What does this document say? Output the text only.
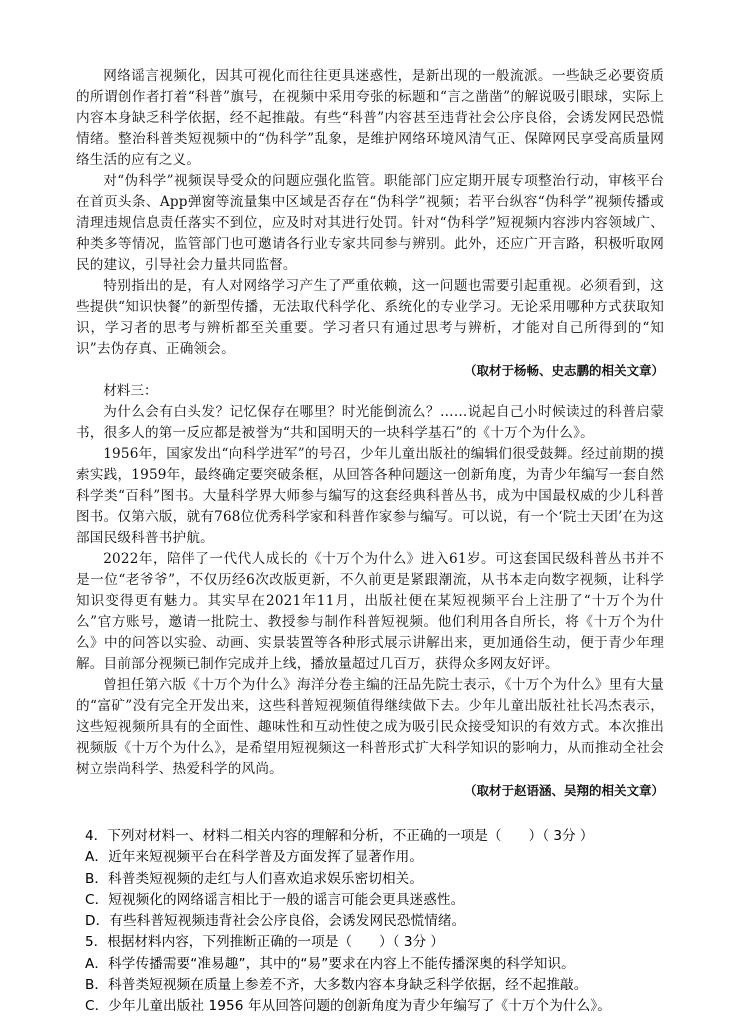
网络谣言视频化，因其可视化而往往更具迷惑性，是新出现的一般流派。一些缺乏必要资质的所谓创作者打着“科普”旗号，在视频中采用夸张的标题和“言之凿凿”的解说吸引眼球，实际上内容本身缺乏科学依据，经不起推敲。有些“科普”内容甚至违背社会公序良俗，会诱发网民恐慌情绪。整治科普类短视频中的“伪科学”乱象，是维护网络环境风清气正、保障网民享受高质量网络生活的应有之义。

对“伪科学”视频误导受众的问题应强化监管。职能部门应定期开展专项整治行动，审核平台在首页头条、App弹窗等流量集中区域是否存在“伪科学”视频；若平台纵容“伪科学”视频传播或清理违规信息责任落实不到位，应及时对其进行处罚。针对“伪科学”短视频内容涉内容领域广、种类多等情况，监管部门也可邀请各行业专家共同参与辨别。此外，还应广开言路，积极听取网民的建议，引导社会力量共同监督。

特别指出的是，有人对网络学习产生了严重依赖，这一问题也需要引起重视。必须看到，这些提供“知识快餐”的新型传播，无法取代科学化、系统化的专业学习。无论采用哪种方式获取知识，学习者的思考与辨析都至关重要。学习者只有通过思考与辨析，才能对自己所得到的“知识”去伪存真、正确领会。

（取材于杨畅、史志鹏的相关文章）

材料三：

为什么会有白头发？记忆保存在哪里？时光能倒流么？……说起自己小时候读过的科普启蒙书，很多人的第一反应都是被誉为“共和国明天的一块科学基石”的《十万个为什么》。

1956年，国家发出“向科学进军”的号召，少年儿童出版社的编辑们很受鼓舞。经过前期的摸索实践，1959年，最终确定要突破条框，从回答各种问题这一创新角度，为青少年编写一套自然科学类“百科”图书。大量科学界大师参与编写的这套经典科普丛书，成为中国最权威的少儿科普图书。仅第六版，就有768位优秀科学家和科普作家参与编写。可以说，有一个‘院士天团’在为这部国民级科普书护航。

2022年，陪伴了一代代人成长的《十万个为什么》进入61岁。可这套国民级科普丛书并不是一位“老爷爷”，不仅历经6次改版更新，不久前更是紧跟潮流，从书本走向数字视频，让科学知识变得更有魅力。其实早在2021年11月，出版社便在某短视频平台上注册了“十万个为什么”官方账号，邀请一批院士、教授参与制作科普短视频。他们利用各自所长，将《十万个为什么》中的问答以实验、动画、实景装置等各种形式展示讲解出来，更加通俗生动，便于青少年理解。目前部分视频已制作完成并上线，播放量超过几百万，获得众多网友好评。

曾担任第六版《十万个为什么》海洋分卷主编的汪品先院士表示，《十万个为什么》里有大量的“富矿”没有完全开发出来，这些科普短视频值得继续做下去。少年儿童出版社社长冯杰表示，这些短视频所具有的全面性、趣味性和互动性使之成为吸引民众接受知识的有效方式。本次推出视频版《十万个为什么》，是希望用短视频这一科普形式扩大科学知识的影响力，从而推动全社会树立崇尚科学、热爱科学的风尚。

（取材于赵语涵、吴翔的相关文章）

4．下列对材料一、材料二相关内容的理解和分析，不正确的一项是（　　）（ 3分 ）

A．近年来短视频平台在科学普及方面发挥了显著作用。

B．科普类短视频的走红与人们喜欢追求娱乐密切相关。

C．短视频化的网络谣言相比于一般的谣言可能会更具迷惑性。

D．有些科普短视频违背社会公序良俗，会诱发网民恐慌情绪。

5．根据材料内容，下列推断正确的一项是（　　）（ 3分 ）

A．科学传播需要“准易趣”，其中的“易”要求在内容上不能传播深奥的科学知识。

B．科普类短视频在质量上参差不齐，大多数内容本身缺乏科学依据，经不起推敲。

C．少年儿童出版社 1956 年从回答问题的创新角度为青少年编写了《十万个为什么》。
